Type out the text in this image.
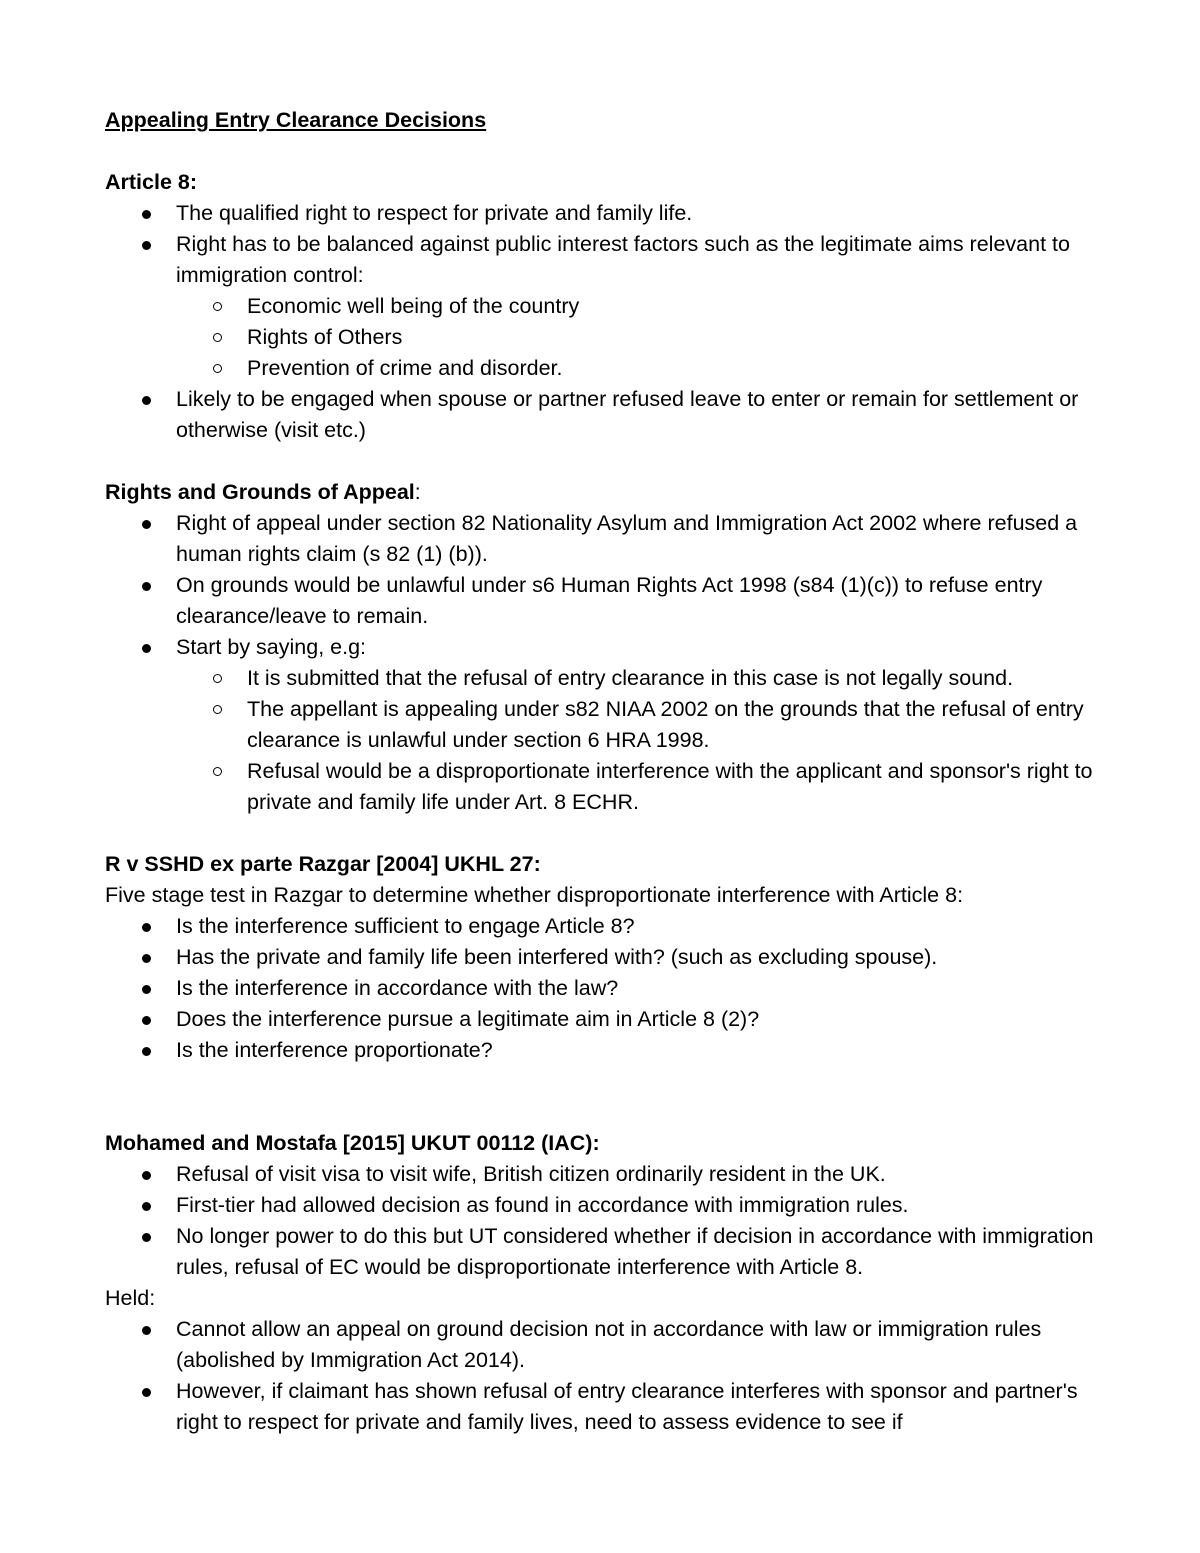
Appealing Entry Clearance Decisions

Article 8:

The qualified right to respect for private and family life.
Right has to be balanced against public interest factors such as the legitimate aims relevant to immigration control:
Economic well being of the country
Rights of Others
Prevention of crime and disorder.
Likely to be engaged when spouse or partner refused leave to enter or remain for settlement or otherwise (visit etc.)

Rights and Grounds of Appeal:

Right of appeal under section 82 Nationality Asylum and Immigration Act 2002 where refused a human rights claim (s 82 (1) (b)).
On grounds would be unlawful under s6 Human Rights Act 1998 (s84 (1)(c)) to refuse entry clearance/leave to remain.
Start by saying, e.g:
It is submitted that the refusal of entry clearance in this case is not legally sound.
The appellant is appealing under s82 NIAA 2002 on the grounds that the refusal of entry clearance is unlawful under section 6 HRA 1998.
Refusal would be a disproportionate interference with the applicant and sponsor's right to private and family life under Art. 8 ECHR.

R v SSHD ex parte Razgar [2004] UKHL 27:

Five stage test in Razgar to determine whether disproportionate interference with Article 8:

Is the interference sufficient to engage Article 8?
Has the private and family life been interfered with? (such as excluding spouse).
Is the interference in accordance with the law?
Does the interference pursue a legitimate aim in Article 8 (2)?
Is the interference proportionate?

Mohamed and Mostafa [2015] UKUT 00112 (IAC):

Refusal of visit visa to visit wife, British citizen ordinarily resident in the UK.
First-tier had allowed decision as found in accordance with immigration rules.
No longer power to do this but UT considered whether if decision in accordance with immigration rules, refusal of EC would be disproportionate interference with Article 8.

Held:

Cannot allow an appeal on ground decision not in accordance with law or immigration rules (abolished by Immigration Act 2014).
However, if claimant has shown refusal of entry clearance interferes with sponsor and partner's right to respect for private and family lives, need to assess evidence to see if
